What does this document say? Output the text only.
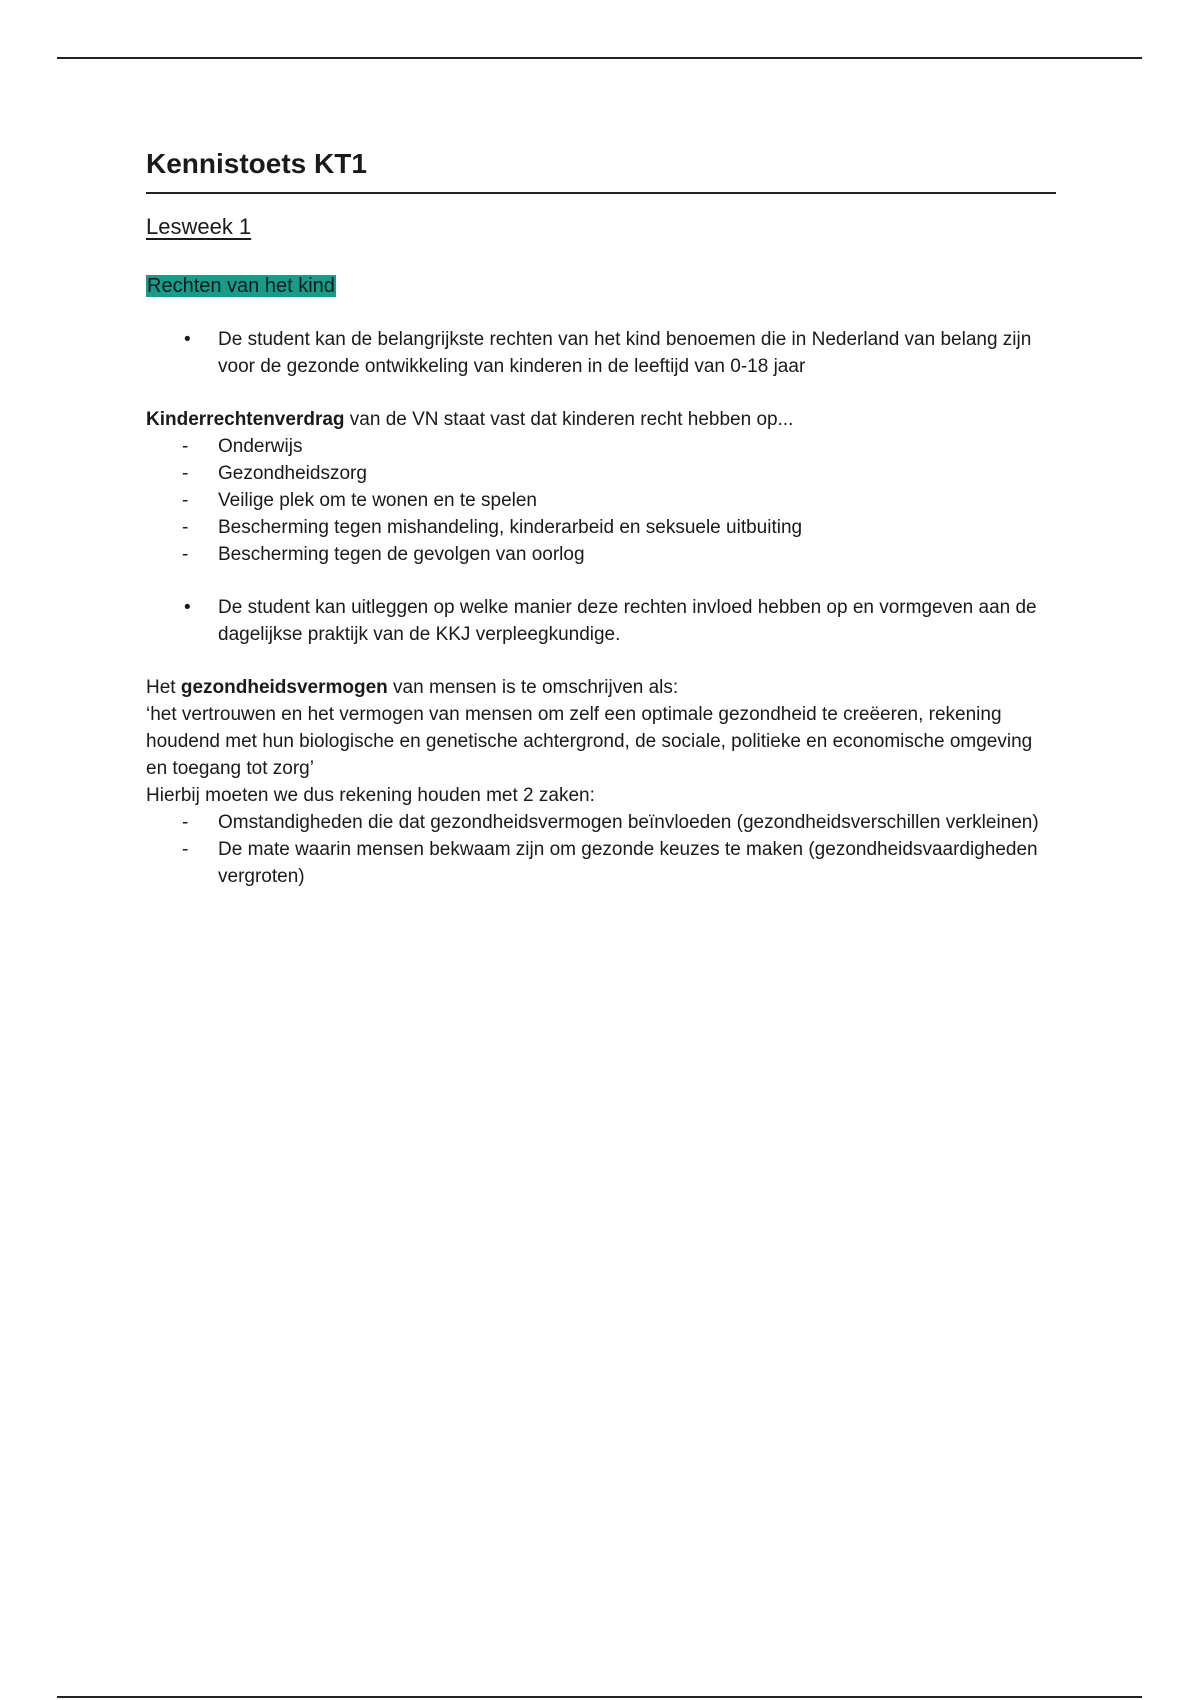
Kennistoets KT1
Lesweek 1
Rechten van het kind
• De student kan de belangrijkste rechten van het kind benoemen die in Nederland van belang zijn voor de gezonde ontwikkeling van kinderen in de leeftijd van 0-18 jaar
Kinderrechtenverdrag van de VN staat vast dat kinderen recht hebben op...
- Onderwijs
- Gezondheidszorg
- Veilige plek om te wonen en te spelen
- Bescherming tegen mishandeling, kinderarbeid en seksuele uitbuiting
- Bescherming tegen de gevolgen van oorlog
• De student kan uitleggen op welke manier deze rechten invloed hebben op en vormgeven aan de dagelijkse praktijk van de KKJ verpleegkundige.
Het gezondheidsvermogen van mensen is te omschrijven als:
‘het vertrouwen en het vermogen van mensen om zelf een optimale gezondheid te creëeren, rekening houdend met hun biologische en genetische achtergrond, de sociale, politieke en economische omgeving en toegang tot zorg’
Hierbij moeten we dus rekening houden met 2 zaken:
- Omstandigheden die dat gezondheidsvermogen beïnvloeden (gezondheidsverschillen verkleinen)
- De mate waarin mensen bekwaam zijn om gezonde keuzes te maken (gezondheidsvaardigheden vergroten)
